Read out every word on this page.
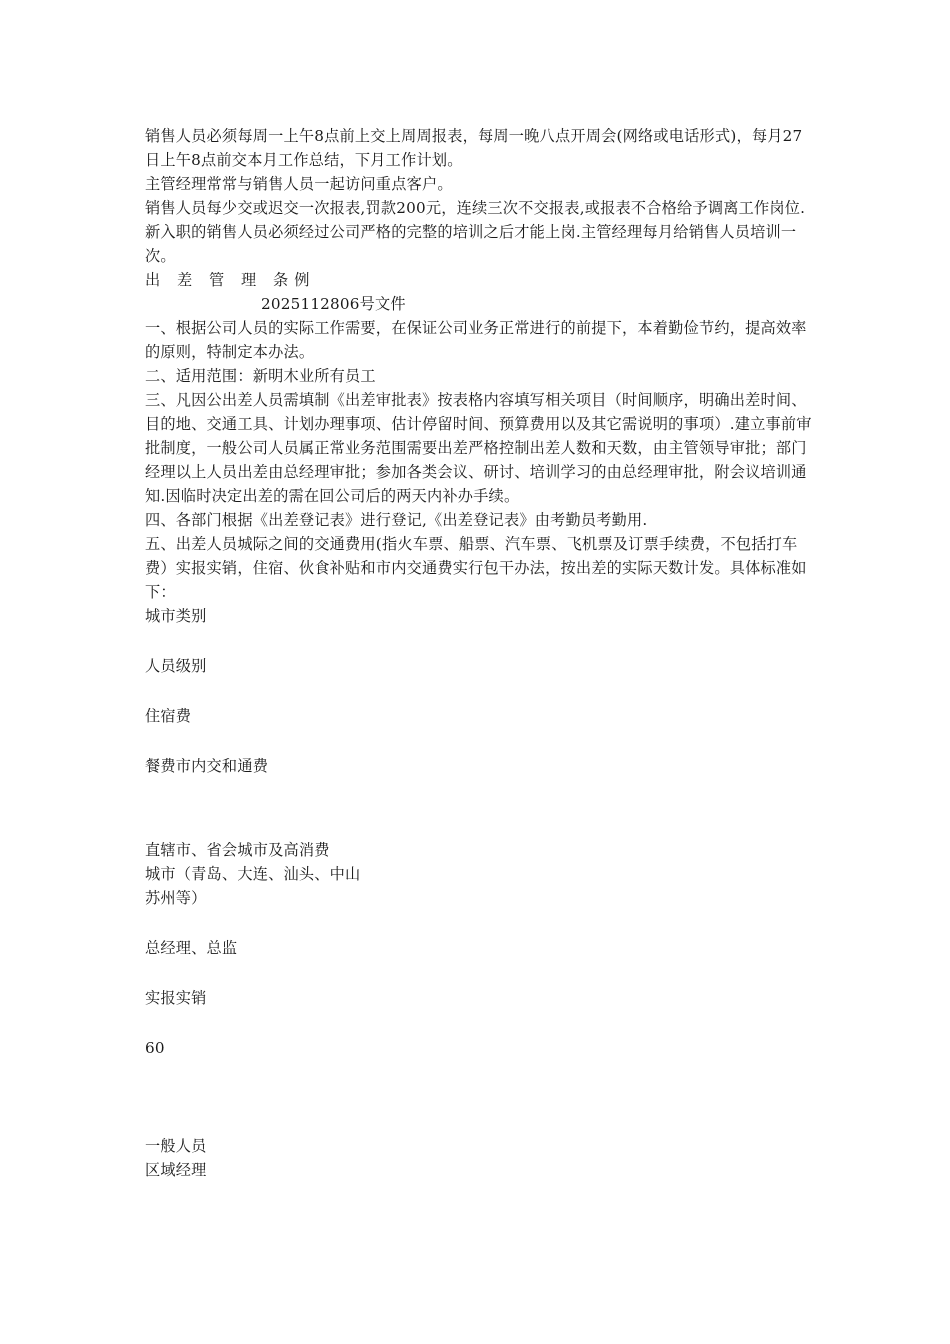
销售人员必须每周一上午8点前上交上周周报表，每周一晚八点开周会(网络或电话形式)，每月27日上午8点前交本月工作总结，下月工作计划。

主管经理常常与销售人员一起访问重点客户。

销售人员每少交或迟交一次报表,罚款200元，连续三次不交报表,或报表不合格给予调离工作岗位.

新入职的销售人员必须经过公司严格的完整的培训之后才能上岗.主管经理每月给销售人员培训一次。

出 差 管 理 条例

2025112806号文件

一、根据公司人员的实际工作需要，在保证公司业务正常进行的前提下，本着勤俭节约，提高效率的原则，特制定本办法。

二、适用范围：新明木业所有员工

三、凡因公出差人员需填制《出差审批表》按表格内容填写相关项目（时间顺序，明确出差时间、目的地、交通工具、计划办理事项、估计停留时间、预算费用以及其它需说明的事项）.建立事前审批制度，一般公司人员属正常业务范围需要出差严格控制出差人数和天数，由主管领导审批；部门经理以上人员出差由总经理审批；参加各类会议、研讨、培训学习的由总经理审批，附会议培训通知.因临时决定出差的需在回公司后的两天内补办手续。

四、各部门根据《出差登记表》进行登记,《出差登记表》由考勤员考勤用.

五、出差人员城际之间的交通费用(指火车票、船票、汽车票、飞机票及订票手续费，不包括打车费）实报实销，住宿、伙食补贴和市内交通费实行包干办法，按出差的实际天数计发。具体标准如下：

城市类别

人员级别

住宿费

餐费市内交和通费

直辖市、省会城市及高消费

城市（青岛、大连、汕头、中山

苏州等）

总经理、总监

实报实销

60

一般人员

区域经理
